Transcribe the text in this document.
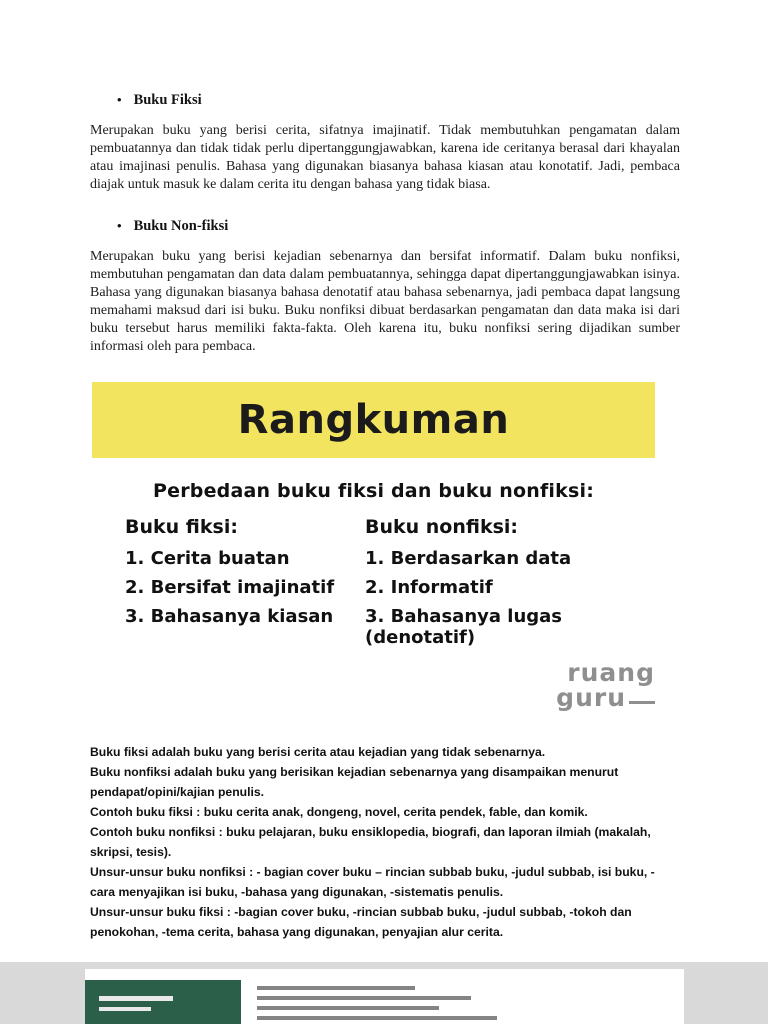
• Buku Fiksi

Merupakan buku yang berisi cerita, sifatnya imajinatif. Tidak membutuhkan pengamatan dalam pembuatannya dan tidak tidak perlu dipertanggungjawabkan, karena ide ceritanya berasal dari khayalan atau imajinasi penulis. Bahasa yang digunakan biasanya bahasa kiasan atau konotatif. Jadi, pembaca diajak untuk masuk ke dalam cerita itu dengan bahasa yang tidak biasa.

• Buku Non-fiksi

Merupakan buku yang berisi kejadian sebenarnya dan bersifat informatif. Dalam buku nonfiksi, membutuhan pengamatan dan data dalam pembuatannya, sehingga dapat dipertanggungjawabkan isinya. Bahasa yang digunakan biasanya bahasa denotatif atau bahasa sebenarnya, jadi pembaca dapat langsung memahami maksud dari isi buku. Buku nonfiksi dibuat berdasarkan pengamatan dan data maka isi dari buku tersebut harus memiliki fakta-fakta. Oleh karena itu, buku nonfiksi sering dijadikan sumber informasi oleh para pembaca.

Rangkuman
Perbedaan buku fiksi dan buku nonfiksi:
Buku fiksi:
1. Cerita buatan
2. Bersifat imajinatif
3. Bahasanya kiasan
Buku nonfiksi:
1. Berdasarkan data
2. Informatif
3. Bahasanya lugas (denotatif)
ruang
guru

Buku fiksi adalah buku yang berisi cerita atau kejadian yang tidak sebenarnya.

Buku nonfiksi adalah buku yang berisikan kejadian sebenarnya yang disampaikan menurut pendapat/opini/kajian penulis.

Contoh buku fiksi : buku cerita anak, dongeng, novel, cerita pendek, fable, dan komik.

Contoh buku nonfiksi : buku pelajaran, buku ensiklopedia, biografi, dan laporan ilmiah (makalah, skripsi, tesis).

Unsur-unsur buku nonfiksi : - bagian cover buku – rincian subbab buku, -judul subbab, isi buku, -cara menyajikan isi buku, -bahasa yang digunakan, -sistematis penulis.

Unsur-unsur buku fiksi : -bagian cover buku, -rincian subbab buku, -judul subbab, -tokoh dan penokohan, -tema cerita, bahasa yang digunakan, penyajian alur cerita.
